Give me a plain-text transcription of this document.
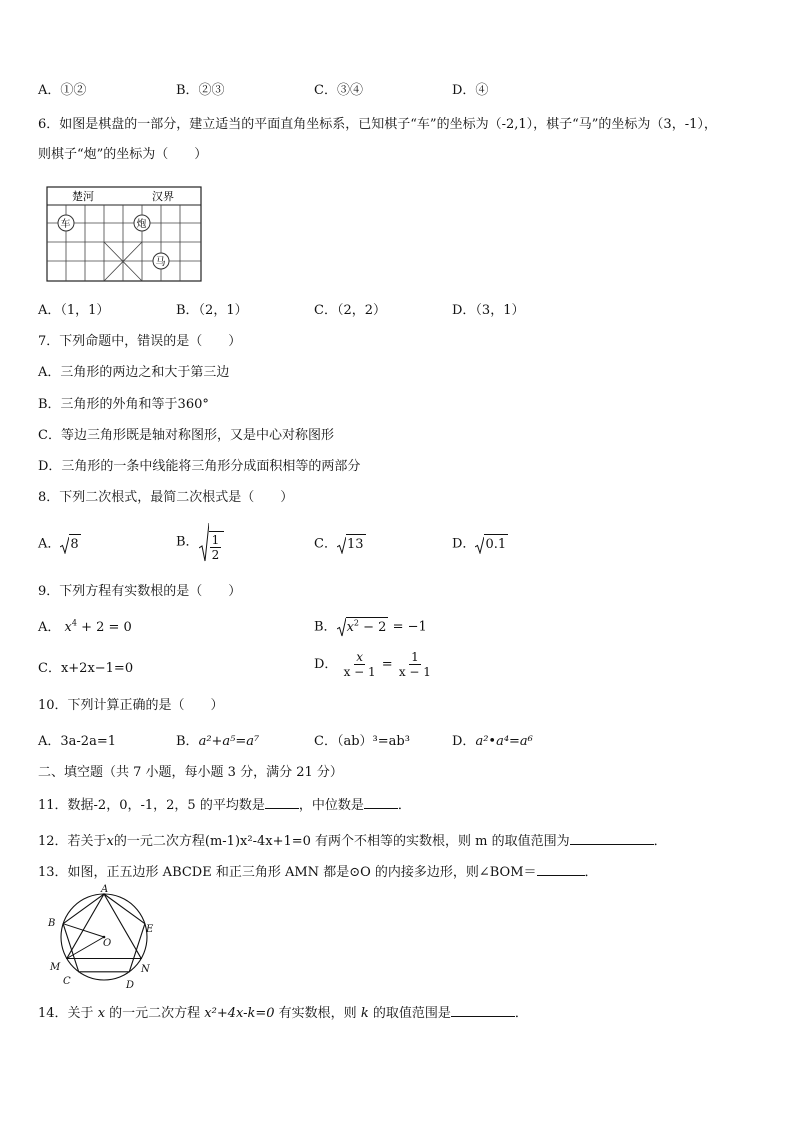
A．①②	B．②③	C．③④	D．④
6．如图是棋盘的一部分，建立适当的平面直角坐标系，已知棋子“车”的坐标为（-2,1），棋子“马”的坐标为（3，-1），
则棋子“炮”的坐标为（　　）
楚河	汉界
车	炮
马
A．（1，1）	B．（2，1）	C．（2，2）	D．（3，1）
7．下列命题中，错误的是（　　）
A．三角形的两边之和大于第三边
B．三角形的外角和等于360°
C．等边三角形既是轴对称图形，又是中心对称图形
D．三角形的一条中线能将三角形分成面积相等的两部分
8．下列二次根式，最简二次根式是（　　）
A． 8	B． $\frac{1}{2}$	C． 13	D． 0.1
9．下列方程有实数根的是（　　）
A． $x^4 + 2 = 0$	B． $x^2 - 2 = -1$
C．x+2x−1=0	D． $\frac{x}{x - 1} = \frac{1}{x - 1}$
10．下列计算正确的是（　　）
A．3a-2a=1	B．a²+a⁵=a⁷	C．（ab）³=ab³	D．a²•a⁴=a⁶
二、填空题（共 7 小题，每小题 3 分，满分 21 分）
11．数据-2，0，-1，2，5 的平均数是	，中位数是	．
12．若关于x的一元二次方程(m-1)x²-4x+1=0 有两个不相等的实数根，则 m 的取值范围为	．
13．如图，正五边形 ABCDE 和正三角形 AMN 都是⊙O 的内接多边形，则∠BOM＝	．
A
B
C	D
E
M	N
O
14．关于 x 的一元二次方程 x²+4x-k=0 有实数根，则 k 的取值范围是	．
